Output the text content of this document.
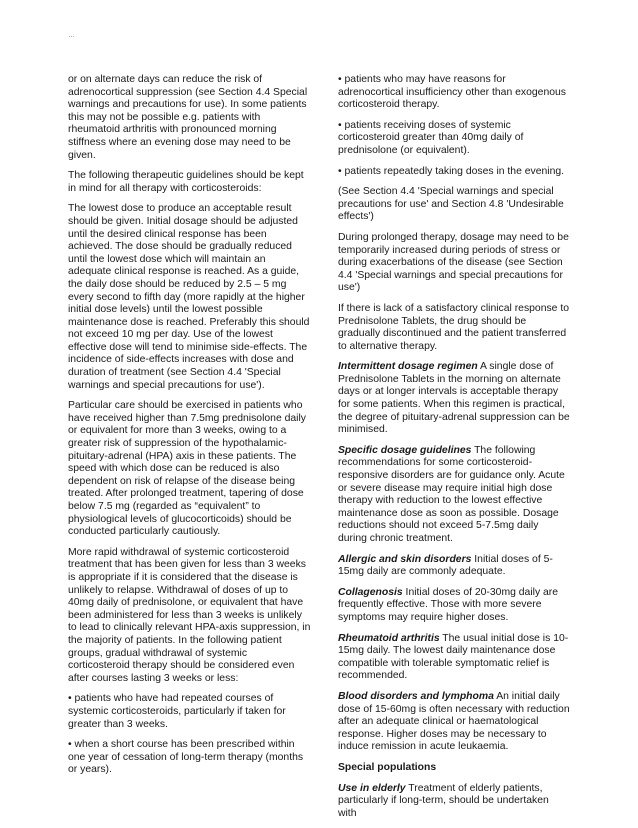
…

or on alternate days can reduce the risk of adrenocortical suppression (see Section 4.4 Special warnings and precautions for use). In some patients this may not be possible e.g. patients with rheumatoid arthritis with pronounced morning stiffness where an evening dose may need to be given.

The following therapeutic guidelines should be kept in mind for all therapy with corticosteroids:

The lowest dose to produce an acceptable result should be given. Initial dosage should be adjusted until the desired clinical response has been achieved. The dose should be gradually reduced until the lowest dose which will maintain an adequate clinical response is reached. As a guide, the daily dose should be reduced by 2.5 – 5 mg every second to fifth day (more rapidly at the higher initial dose levels) until the lowest possible maintenance dose is reached. Preferably this should not exceed 10 mg per day. Use of the lowest effective dose will tend to minimise side-effects. The incidence of side-effects increases with dose and duration of treatment (see Section 4.4 'Special warnings and special precautions for use').

Particular care should be exercised in patients who have received higher than 7.5mg prednisolone daily or equivalent for more than 3 weeks, owing to a greater risk of suppression of the hypothalamic-pituitary-adrenal (HPA) axis in these patients. The speed with which dose can be reduced is also dependent on risk of relapse of the disease being treated. After prolonged treatment, tapering of dose below 7.5 mg (regarded as “equivalent” to physiological levels of glucocorticoids) should be conducted particularly cautiously.

More rapid withdrawal of systemic corticosteroid treatment that has been given for less than 3 weeks is appropriate if it is considered that the disease is unlikely to relapse. Withdrawal of doses of up to 40mg daily of prednisolone, or equivalent that have been administered for less than 3 weeks is unlikely to lead to clinically relevant HPA-axis suppression, in the majority of patients. In the following patient groups, gradual withdrawal of systemic corticosteroid therapy should be considered even after courses lasting 3 weeks or less:

• patients who have had repeated courses of systemic corticosteroids, particularly if taken for greater than 3 weeks.

• when a short course has been prescribed within one year of cessation of long-term therapy (months or years).

• patients who may have reasons for adrenocortical insufficiency other than exogenous corticosteroid therapy.

• patients receiving doses of systemic corticosteroid greater than 40mg daily of prednisolone (or equivalent).

• patients repeatedly taking doses in the evening.

(See Section 4.4 'Special warnings and special precautions for use' and Section 4.8 'Undesirable effects')

During prolonged therapy, dosage may need to be temporarily increased during periods of stress or during exacerbations of the disease (see Section 4.4 'Special warnings and special precautions for use')

If there is lack of a satisfactory clinical response to Prednisolone Tablets, the drug should be gradually discontinued and the patient transferred to alternative therapy.

Intermittent dosage regimen A single dose of Prednisolone Tablets in the morning on alternate days or at longer intervals is acceptable therapy for some patients. When this regimen is practical, the degree of pituitary-adrenal suppression can be minimised.

Specific dosage guidelines The following recommendations for some corticosteroid-responsive disorders are for guidance only. Acute or severe disease may require initial high dose therapy with reduction to the lowest effective maintenance dose as soon as possible. Dosage reductions should not exceed 5-7.5mg daily during chronic treatment.

Allergic and skin disorders Initial doses of 5-15mg daily are commonly adequate.

Collagenosis Initial doses of 20-30mg daily are frequently effective. Those with more severe symptoms may require higher doses.

Rheumatoid arthritis The usual initial dose is 10-15mg daily. The lowest daily maintenance dose compatible with tolerable symptomatic relief is recommended.

Blood disorders and lymphoma An initial daily dose of 15-60mg is often necessary with reduction after an adequate clinical or haematological response. Higher doses may be necessary to induce remission in acute leukaemia.

Special populations

Use in elderly Treatment of elderly patients, particularly if long-term, should be undertaken with
